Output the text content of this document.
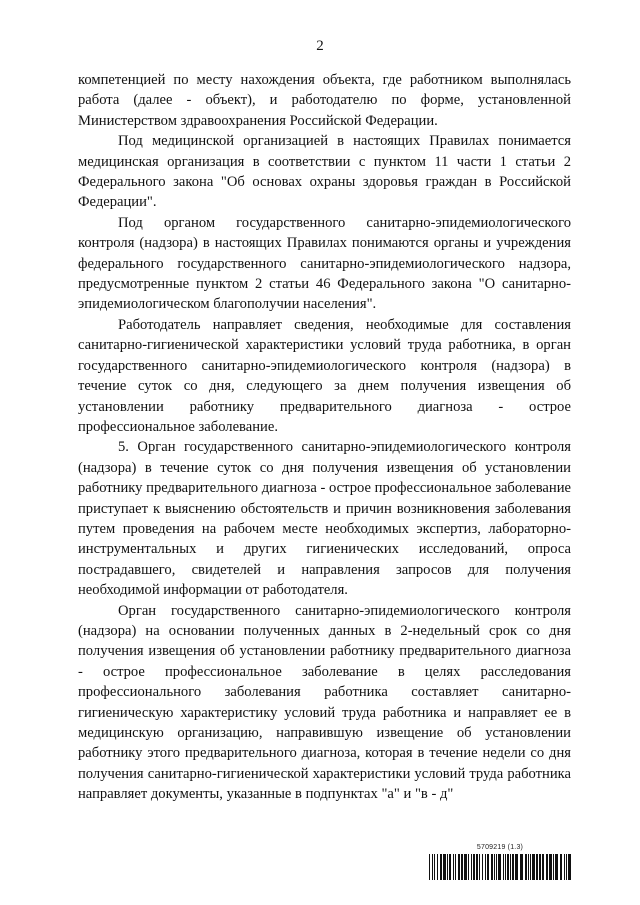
2

компетенцией по месту нахождения объекта, где работником выполнялась работа (далее - объект), и работодателю по форме, установленной Министерством здравоохранения Российской Федерации.

Под медицинской организацией в настоящих Правилах понимается медицинская организация в соответствии с пунктом 11 части 1 статьи 2 Федерального закона "Об основах охраны здоровья граждан в Российской Федерации".

Под органом государственного санитарно-эпидемиологического контроля (надзора) в настоящих Правилах понимаются органы и учреждения федерального государственного санитарно-эпидемиологического надзора, предусмотренные пунктом 2 статьи 46 Федерального закона "О санитарно-эпидемиологическом благополучии населения".

Работодатель направляет сведения, необходимые для составления санитарно-гигиенической характеристики условий труда работника, в орган государственного санитарно-эпидемиологического контроля (надзора) в течение суток со дня, следующего за днем получения извещения об установлении работнику предварительного диагноза - острое профессиональное заболевание.

5. Орган государственного санитарно-эпидемиологического контроля (надзора) в течение суток со дня получения извещения об установлении работнику предварительного диагноза - острое профессиональное заболевание приступает к выяснению обстоятельств и причин возникновения заболевания путем проведения на рабочем месте необходимых экспертиз, лабораторно-инструментальных и других гигиенических исследований, опроса пострадавшего, свидетелей и направления запросов для получения необходимой информации от работодателя.

Орган государственного санитарно-эпидемиологического контроля (надзора) на основании полученных данных в 2-недельный срок со дня получения извещения об установлении работнику предварительного диагноза - острое профессиональное заболевание в целях расследования профессионального заболевания работника составляет санитарно-гигиеническую характеристику условий труда работника и направляет ее в медицинскую организацию, направившую извещение об установлении работнику этого предварительного диагноза, которая в течение недели со дня получения санитарно-гигиенической характеристики условий труда работника направляет документы, указанные в подпунктах "а" и "в - д"

5709219 (1.3)
